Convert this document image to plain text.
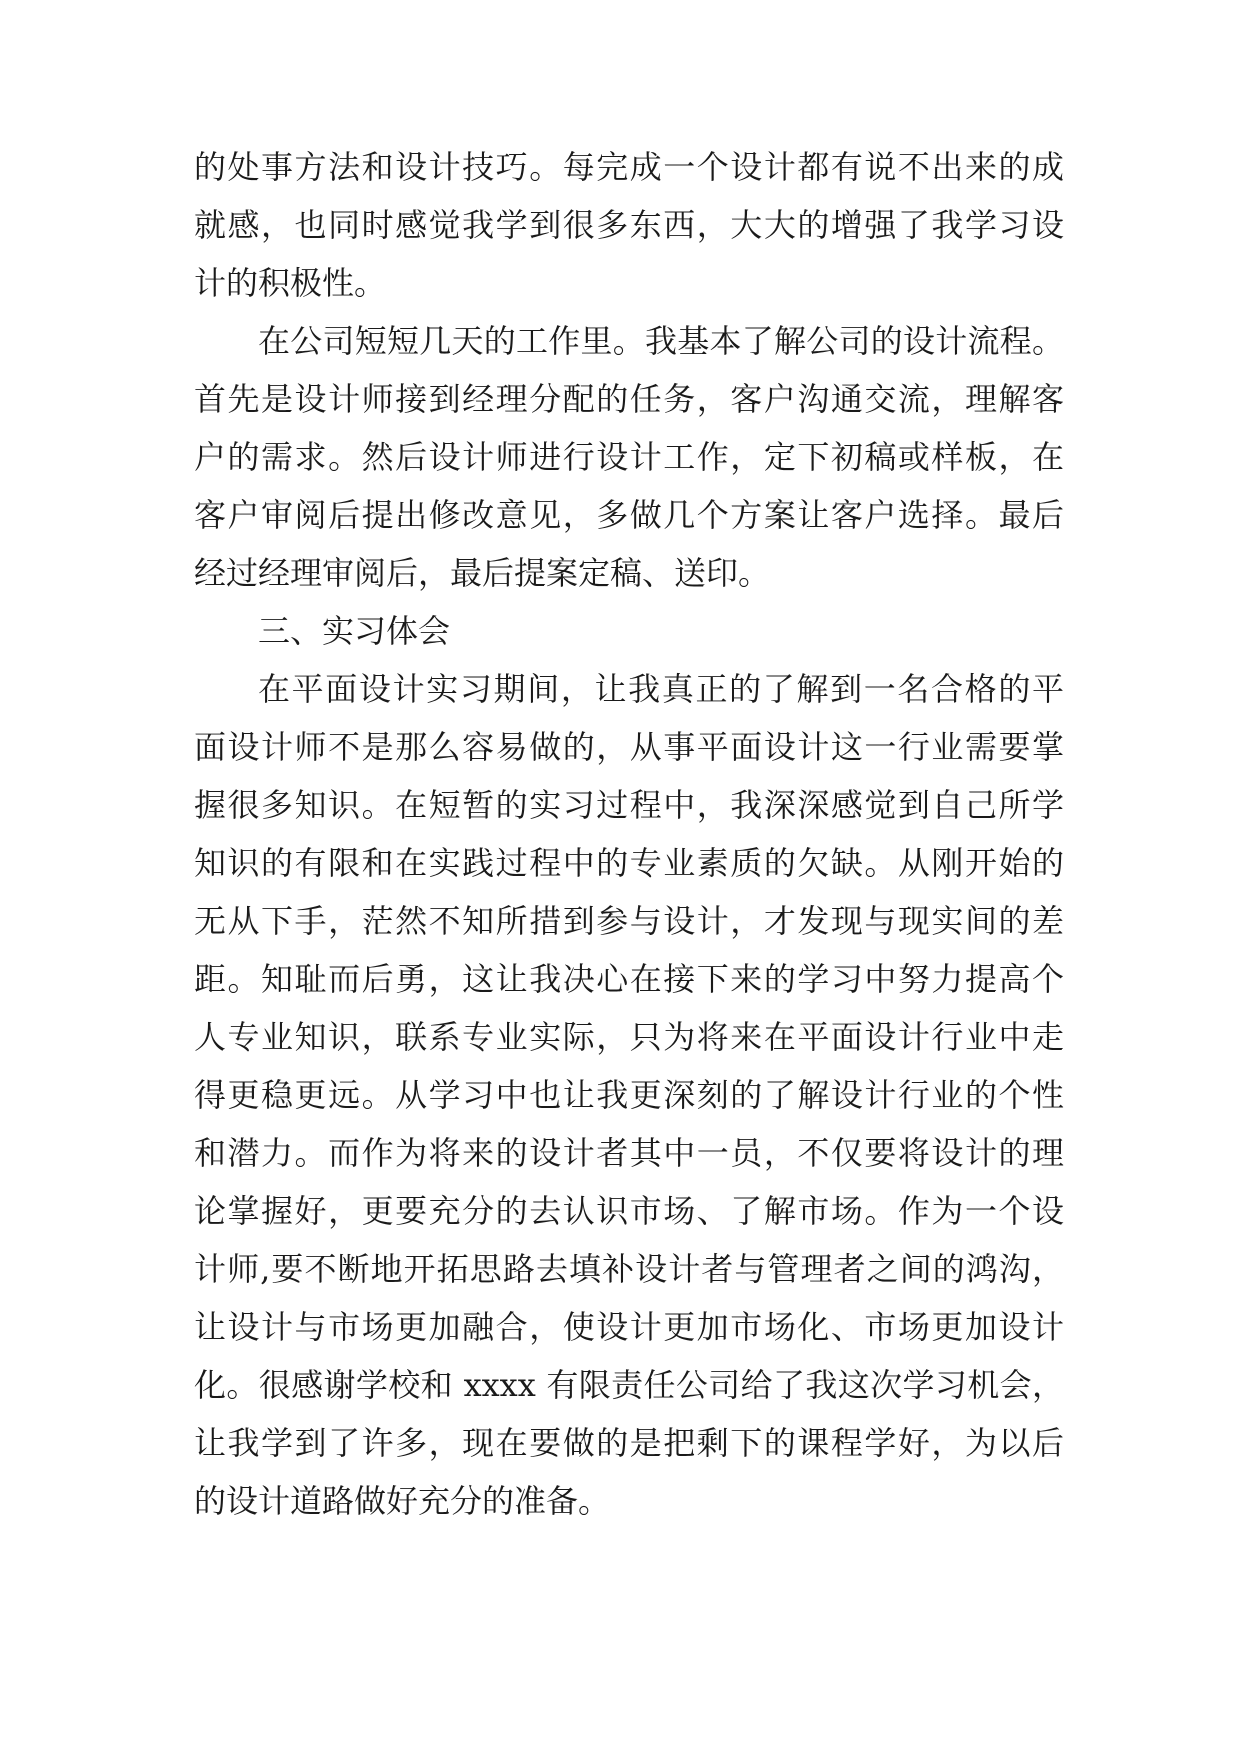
的处事方法和设计技巧。每完成一个设计都有说不出来的成
就感，也同时感觉我学到很多东西，大大的增强了我学习设
计的积极性。
在公司短短几天的工作里。我基本了解公司的设计流程。
首先是设计师接到经理分配的任务，客户沟通交流，理解客
户的需求。然后设计师进行设计工作，定下初稿或样板，在
客户审阅后提出修改意见，多做几个方案让客户选择。最后
经过经理审阅后，最后提案定稿、送印。
三、实习体会
在平面设计实习期间，让我真正的了解到一名合格的平
面设计师不是那么容易做的，从事平面设计这一行业需要掌
握很多知识。在短暂的实习过程中，我深深感觉到自己所学
知识的有限和在实践过程中的专业素质的欠缺。从刚开始的
无从下手，茫然不知所措到参与设计，才发现与现实间的差
距。知耻而后勇，这让我决心在接下来的学习中努力提高个
人专业知识，联系专业实际，只为将来在平面设计行业中走
得更稳更远。从学习中也让我更深刻的了解设计行业的个性
和潜力。而作为将来的设计者其中一员，不仅要将设计的理
论掌握好，更要充分的去认识市场、了解市场。作为一个设
计师,要不断地开拓思路去填补设计者与管理者之间的鸿沟，
让设计与市场更加融合，使设计更加市场化、市场更加设计
化。很感谢学校和 xxxx 有限责任公司给了我这次学习机会，
让我学到了许多，现在要做的是把剩下的课程学好，为以后
的设计道路做好充分的准备。
